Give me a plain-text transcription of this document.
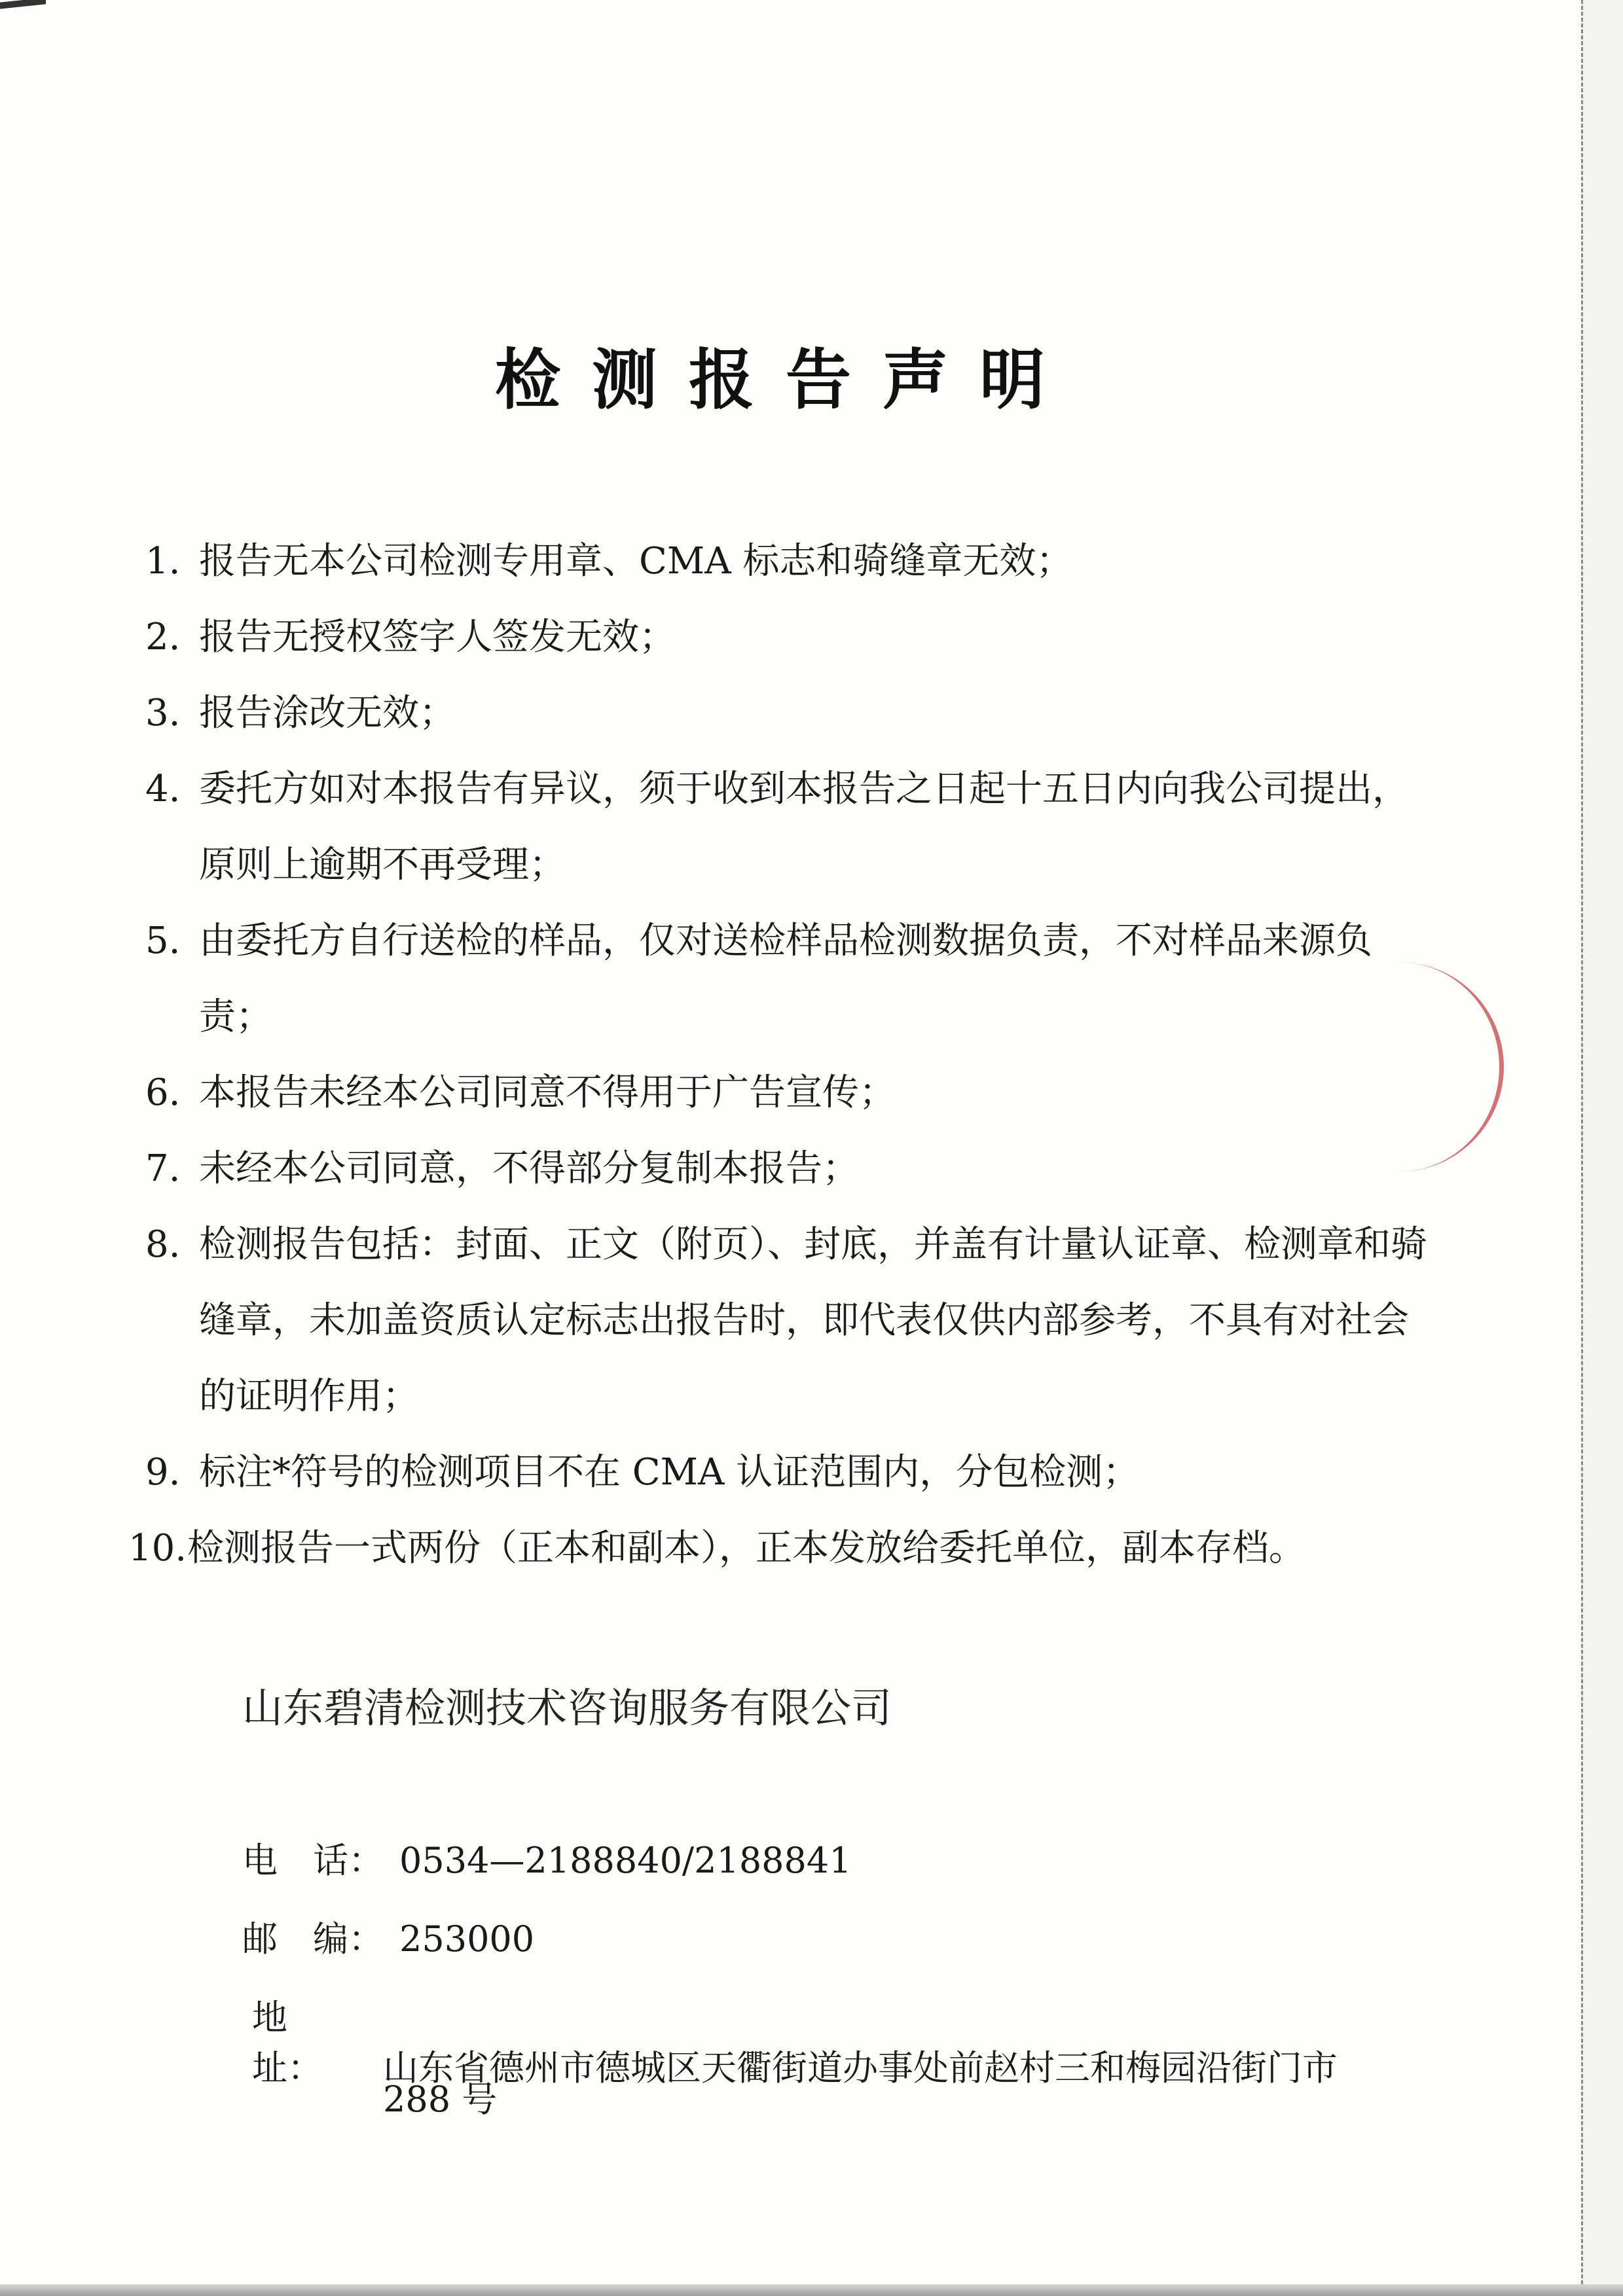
检测报告声明
1. 报告无本公司检测专用章、CMA 标志和骑缝章无效；
2. 报告无授权签字人签发无效；
3. 报告涂改无效；
4. 委托方如对本报告有异议，须于收到本报告之日起十五日内向我公司提出，原则上逾期不再受理；
5. 由委托方自行送检的样品，仅对送检样品检测数据负责，不对样品来源负责；
6. 本报告未经本公司同意不得用于广告宣传；
7. 未经本公司同意，不得部分复制本报告；
8. 检测报告包括：封面、正文（附页）、封底，并盖有计量认证章、检测章和骑缝章，未加盖资质认定标志出报告时，即代表仅供内部参考，不具有对社会的证明作用；
9. 标注*符号的检测项目不在 CMA 认证范围内，分包检测；
10. 检测报告一式两份（正本和副本），正本发放给委托单位，副本存档。
山东碧清检测技术咨询服务有限公司
电　话： 0534—2188840/2188841
邮　编： 253000
地　址： 山东省德州市德城区天衢街道办事处前赵村三和梅园沿街门市
288 号
